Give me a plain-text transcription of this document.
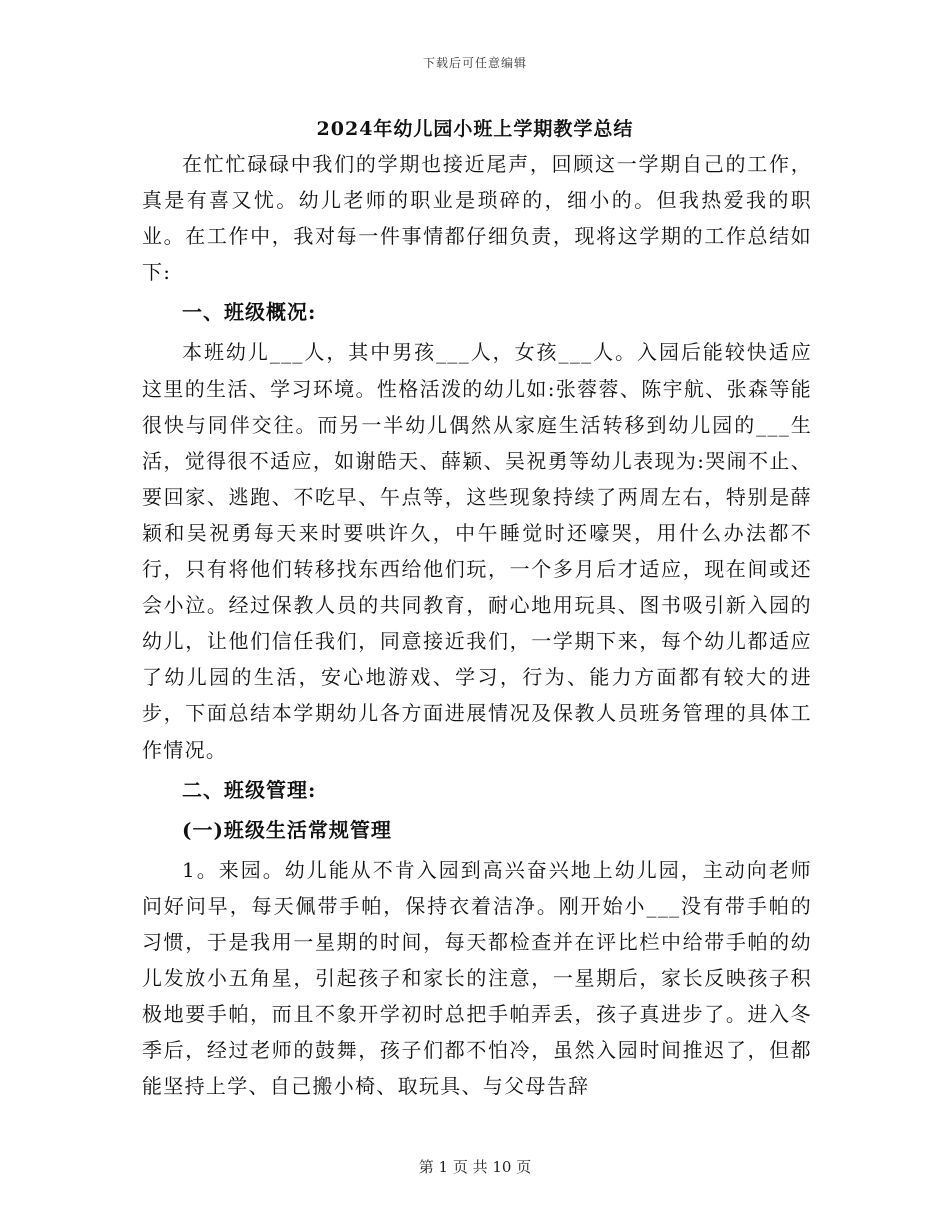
下载后可任意编辑
2024年幼儿园小班上学期教学总结

在忙忙碌碌中我们的学期也接近尾声，回顾这一学期自己的工作，真是有喜又忧。幼儿老师的职业是琐碎的，细小的。但我热爱我的职业。在工作中，我对每一件事情都仔细负责，现将这学期的工作总结如下:

一、班级概况:

本班幼儿___人，其中男孩___人，女孩___人。入园后能较快适应这里的生活、学习环境。性格活泼的幼儿如:张蓉蓉、陈宇航、张森等能很快与同伴交往。而另一半幼儿偶然从家庭生活转移到幼儿园的___生活，觉得很不适应，如谢皓天、薛颖、吴祝勇等幼儿表现为:哭闹不止、要回家、逃跑、不吃早、午点等，这些现象持续了两周左右，特别是薛颖和吴祝勇每天来时要哄许久，中午睡觉时还嚎哭，用什么办法都不行，只有将他们转移找东西给他们玩，一个多月后才适应，现在间或还会小泣。经过保教人员的共同教育，耐心地用玩具、图书吸引新入园的幼儿，让他们信任我们，同意接近我们，一学期下来，每个幼儿都适应了幼儿园的生活，安心地游戏、学习，行为、能力方面都有较大的进步，下面总结本学期幼儿各方面进展情况及保教人员班务管理的具体工作情况。

二、班级管理:

(一)班级生活常规管理

1。来园。幼儿能从不肯入园到高兴奋兴地上幼儿园，主动向老师问好问早，每天佩带手帕，保持衣着洁净。刚开始小___没有带手帕的习惯，于是我用一星期的时间，每天都检查并在评比栏中给带手帕的幼儿发放小五角星，引起孩子和家长的注意，一星期后，家长反映孩子积极地要手帕，而且不象开学初时总把手帕弄丢，孩子真进步了。进入冬季后，经过老师的鼓舞，孩子们都不怕冷，虽然入园时间推迟了，但都能坚持上学、自己搬小椅、取玩具、与父母告辞

第 1 页 共 10 页
